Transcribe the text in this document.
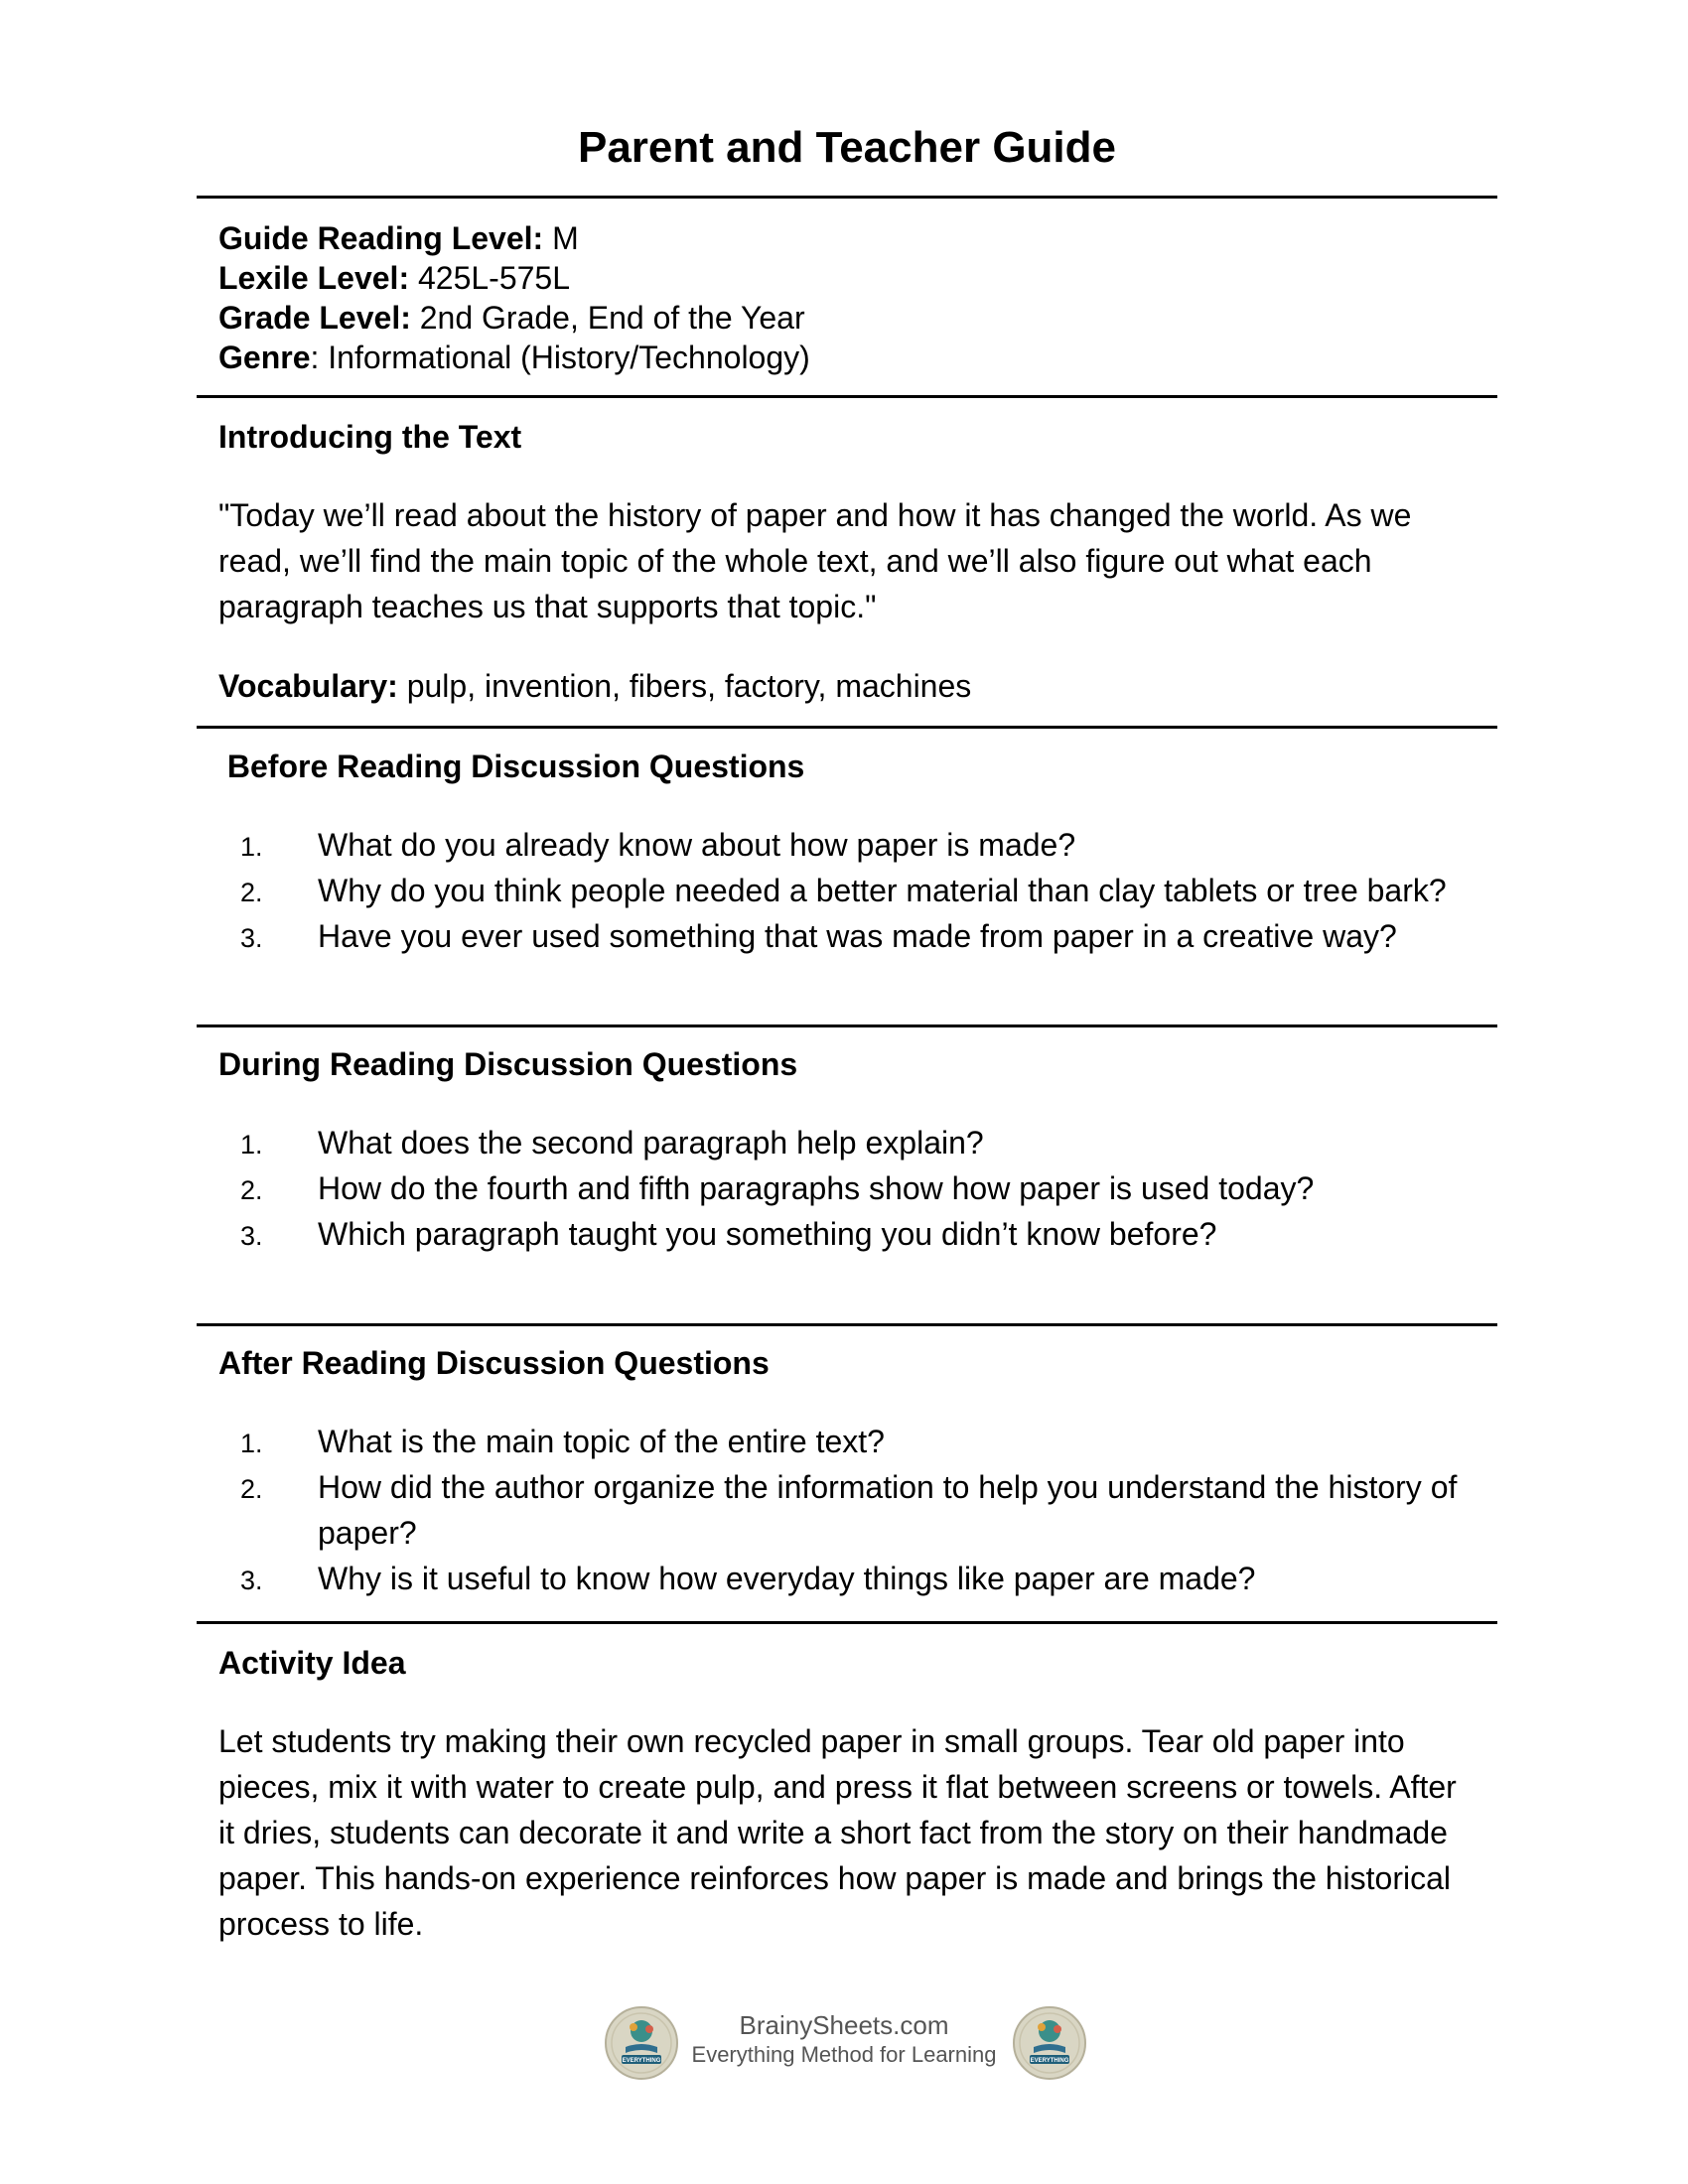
Parent and Teacher Guide
Guide Reading Level: M
Lexile Level: 425L-575L
Grade Level: 2nd Grade, End of the Year
Genre: Informational (History/Technology)
Introducing the Text
"Today we’ll read about the history of paper and how it has changed the world. As we read, we’ll find the main topic of the whole text, and we’ll also figure out what each paragraph teaches us that supports that topic."
Vocabulary: pulp, invention, fibers, factory, machines
Before Reading Discussion Questions
1. What do you already know about how paper is made?
2. Why do you think people needed a better material than clay tablets or tree bark?
3. Have you ever used something that was made from paper in a creative way?
During Reading Discussion Questions
1. What does the second paragraph help explain?
2. How do the fourth and fifth paragraphs show how paper is used today?
3. Which paragraph taught you something you didn’t know before?
After Reading Discussion Questions
1. What is the main topic of the entire text?
2. How did the author organize the information to help you understand the history of paper?
3. Why is it useful to know how everyday things like paper are made?
Activity Idea
Let students try making their own recycled paper in small groups. Tear old paper into pieces, mix it with water to create pulp, and press it flat between screens or towels. After it dries, students can decorate it and write a short fact from the story on their handmade paper. This hands-on experience reinforces how paper is made and brings the historical process to life.
EVERYTHING
BrainySheets.com
Everything Method for Learning	EVERYTHING
